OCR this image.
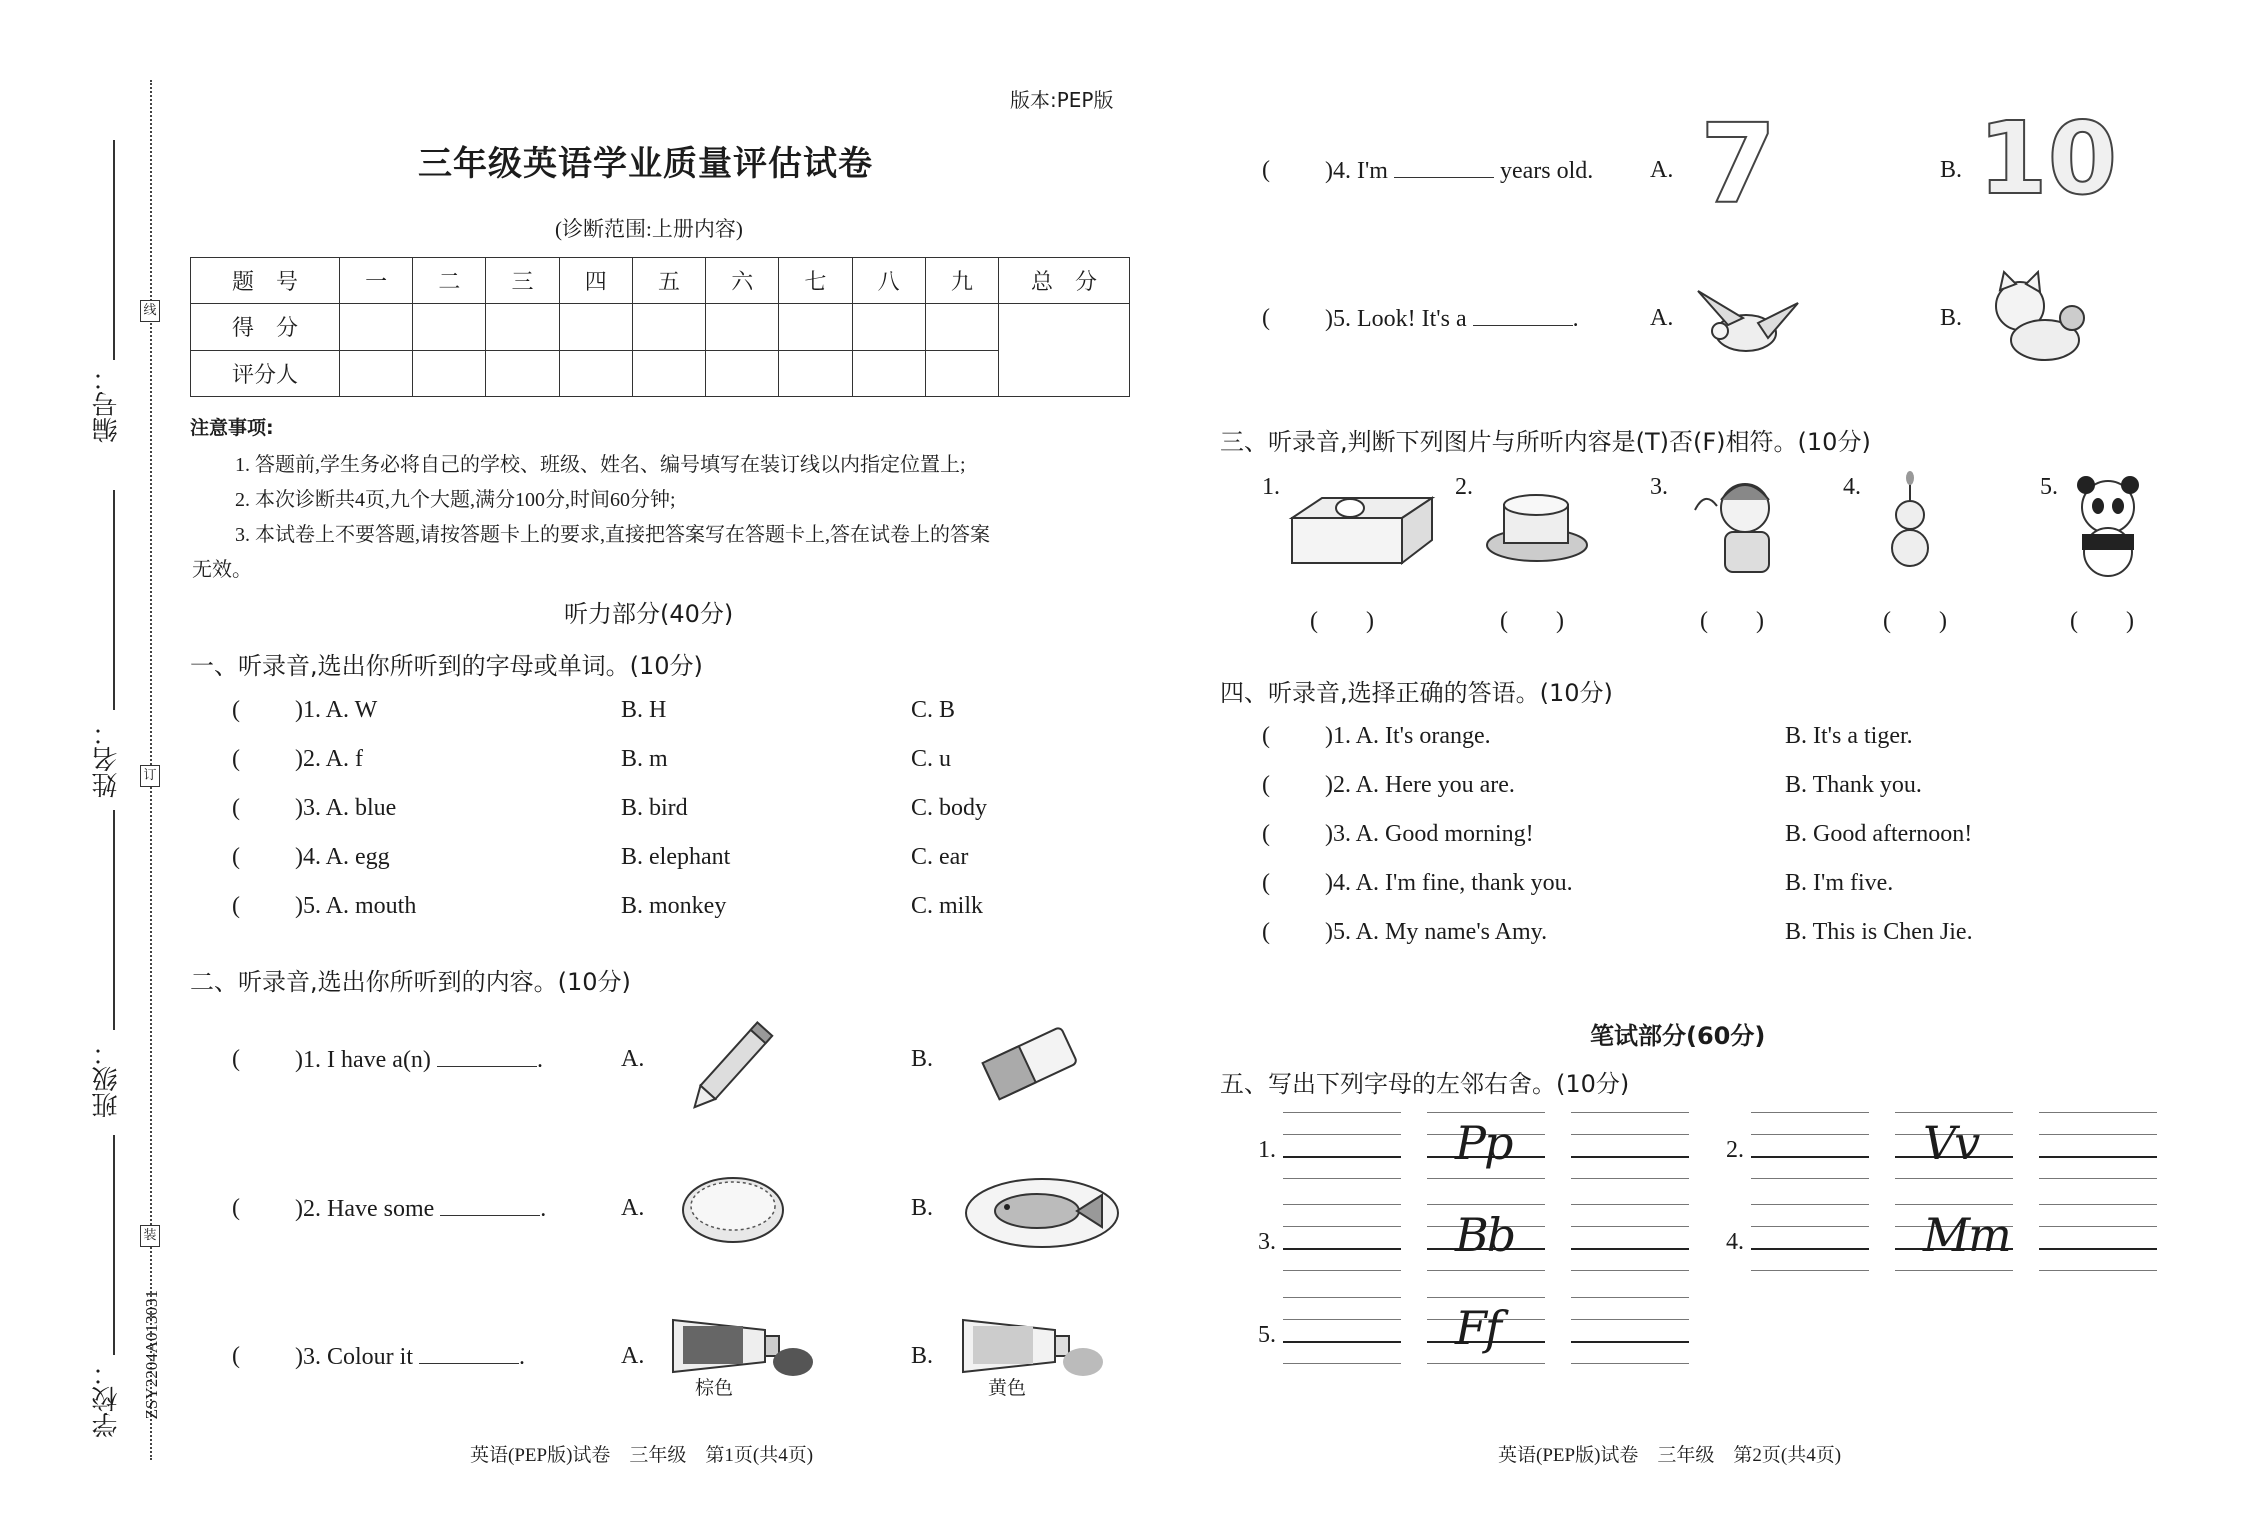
编号：
姓名：
班级：
学校：
线
订
装
ZSY2204A013031
版本:PEP版
三年级英语学业质量评估试卷
(诊断范围:上册内容)
题　号	一	二	三	四	五	六	七	八	九	总　分
得　分										
评分人										
注意事项:
1. 答题前,学生务必将自己的学校、班级、姓名、编号填写在装订线以内指定位置上;
2. 本次诊断共4页,九个大题,满分100分,时间60分钟;
3. 本试卷上不要答题,请按答题卡上的要求,直接把答案写在答题卡上,答在试卷上的答案
无效。
听力部分(40分)
一、听录音,选出你所听到的字母或单词。(10分)
( )1. A. W	B. H	C. B
( )2. A. f	B. m	C. u
( )3. A. blue	B. bird	C. body
( )4. A. egg	B. elephant	C. ear
( )5. A. mouth	B. monkey	C. milk
二、听录音,选出你所听到的内容。(10分)
( )1. I have a(n)	.	A.	B.
( )2. Have some	.	A.	B.
( )3. Colour it	.	A.
棕色
B.
黄色
英语(PEP版)试卷　三年级　第1页(共4页)
( )4. I'm	years old. A. 7	B. 10
( )5. Look! It's a	.	A.	B.
三、听录音,判断下列图片与所听内容是(T)否(F)相符。(10分)
1.	2.	3.	4.	5.
(　　)	(　　)	(　　)	(　　)	(　　)
四、听录音,选择正确的答语。(10分)
( )1. A. It's orange.	B. It's a tiger.
( )2. A. Here you are.	B. Thank you.
( )3. A. Good morning!	B. Good afternoon!
( )4. A. I'm fine, thank you.	B. I'm five.
( )5. A. My name's Amy.	B. This is Chen Jie.
笔试部分(60分)
五、写出下列字母的左邻右舍。(10分)
1.	Pp	2.	Vv
3.	Bb	4.	Mm
5.	Ff
英语(PEP版)试卷　三年级　第2页(共4页)
